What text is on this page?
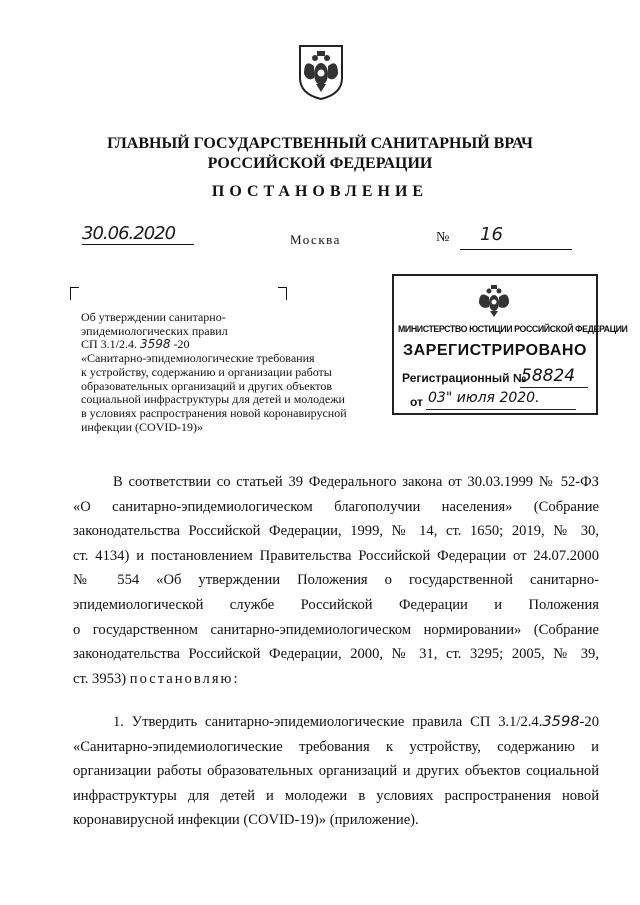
ГЛАВНЫЙ ГОСУДАРСТВЕННЫЙ САНИТАРНЫЙ ВРАЧ
РОССИЙСКОЙ ФЕДЕРАЦИИ
ПОСТАНОВЛЕНИЕ
30.06.2020	Москва	№ 16
Об утверждении санитарно-
эпидемиологических правил
СП 3.1/2.4. 3598 -20
«Санитарно-эпидемиологические требования
к устройству, содержанию и организации работы
образовательных организаций и других объектов
социальной инфраструктуры для детей и молодежи
в условиях распространения новой коронавирусной
инфекции (COVID-19)»
МИНИСТЕРСТВО ЮСТИЦИИ РОССИЙСКОЙ ФЕДЕРАЦИИ
ЗАРЕГИСТРИРОВАНО
Регистрационный №
58824
от 03" июля 2020.
В соответствии со статьей 39 Федерального закона от 30.03.1999 № 52-ФЗ
«О санитарно-эпидемиологическом благополучии населения» (Собрание
законодательства Российской Федерации, 1999, № 14, ст. 1650; 2019, № 30,
ст. 4134) и постановлением Правительства Российской Федерации от 24.07.2000
№ 554 «Об утверждении Положения о государственной санитарно-
эпидемиологической службе Российской Федерации и Положения
о государственном санитарно-эпидемиологическом нормировании» (Собрание
законодательства Российской Федерации, 2000, № 31, ст. 3295; 2005, № 39,
ст. 3953) постановляю:
1. Утвердить санитарно-эпидемиологические правила СП 3.1/2.4.3598-20
«Санитарно-эпидемиологические требования к устройству, содержанию и
организации работы образовательных организаций и других объектов социальной
инфраструктуры для детей и молодежи в условиях распространения новой
коронавирусной инфекции (COVID-19)» (приложение).
